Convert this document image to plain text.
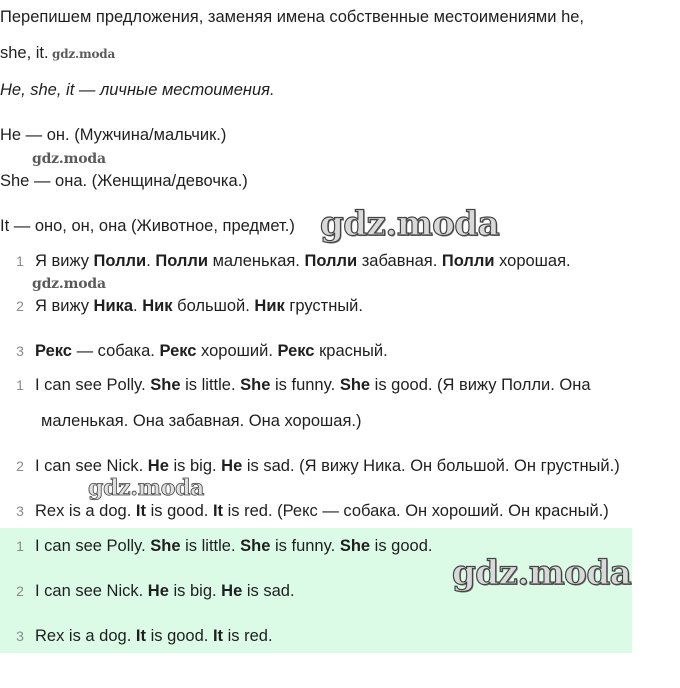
Перепишем предложения, заменяя имена собственные местоимениями he,
she, it. gdz.moda
He, she, it — личные местоимения.
He — он. (Мужчина/мальчик.)
gdz.moda
She — она. (Женщина/девочка.)
It — оно, он, она (Животное, предмет.) gdz.moda
1 Я вижу Полли. Полли маленькая. Полли забавная. Полли хорошая.
gdz.moda
2 Я вижу Ника. Ник большой. Ник грустный.
3 Рекс — собака. Рекс хороший. Рекс красный.
1 I can see Polly. She is little. She is funny. She is good. (Я вижу Полли. Она
маленькая. Она забавная. Она хорошая.)
2 I can see Nick. He is big. He is sad. (Я вижу Ника. Он большой. Он грустный.)
gdz.moda
3 Rex is a dog. It is good. It is red. (Рекс — собака. Он хороший. Он красный.)
1 I can see Polly. She is little. She is funny. She is good.
2 I can see Nick. He is big. He is sad.	gdz.moda
3 Rex is a dog. It is good. It is red.
